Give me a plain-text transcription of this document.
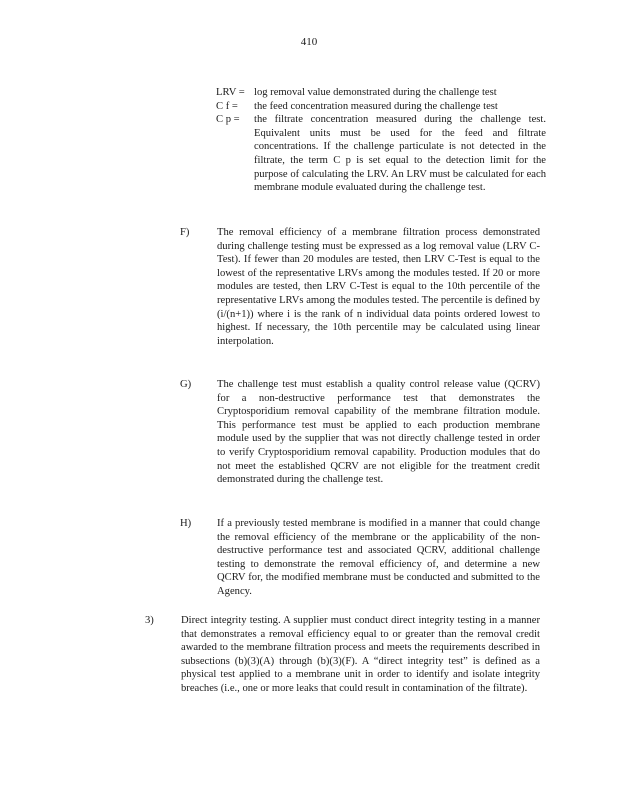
410
LRV = log removal value demonstrated during the challenge test
C f =	the feed concentration measured during the challenge test
C p =	the filtrate concentration measured during the challenge test. Equivalent units must be used for the feed and filtrate concentrations. If the challenge particulate is not detected in the filtrate, the term C p is set equal to the detection limit for the purpose of calculating the LRV. An LRV must be calculated for each membrane module evaluated during the challenge test.
F)	The removal efficiency of a membrane filtration process demonstrated during challenge testing must be expressed as a log removal value (LRV C-Test). If fewer than 20 modules are tested, then LRV C-Test is equal to the lowest of the representative LRVs among the modules tested. If 20 or more modules are tested, then LRV C-Test is equal to the 10th percentile of the representative LRVs among the modules tested. The percentile is defined by (i/(n+1)) where i is the rank of n individual data points ordered lowest to highest. If necessary, the 10th percentile may be calculated using linear interpolation.
G)	The challenge test must establish a quality control release value (QCRV) for a non-destructive performance test that demonstrates the Cryptosporidium removal capability of the membrane filtration module. This performance test must be applied to each production membrane module used by the supplier that was not directly challenge tested in order to verify Cryptosporidium removal capability. Production modules that do not meet the established QCRV are not eligible for the treatment credit demonstrated during the challenge test.
H)	If a previously tested membrane is modified in a manner that could change the removal efficiency of the membrane or the applicability of the non-destructive performance test and associated QCRV, additional challenge testing to demonstrate the removal efficiency of, and determine a new QCRV for, the modified membrane must be conducted and submitted to the Agency.
3)	Direct integrity testing. A supplier must conduct direct integrity testing in a manner that demonstrates a removal efficiency equal to or greater than the removal credit awarded to the membrane filtration process and meets the requirements described in subsections (b)(3)(A) through (b)(3)(F). A “direct integrity test” is defined as a physical test applied to a membrane unit in order to identify and isolate integrity breaches (i.e., one or more leaks that could result in contamination of the filtrate).
